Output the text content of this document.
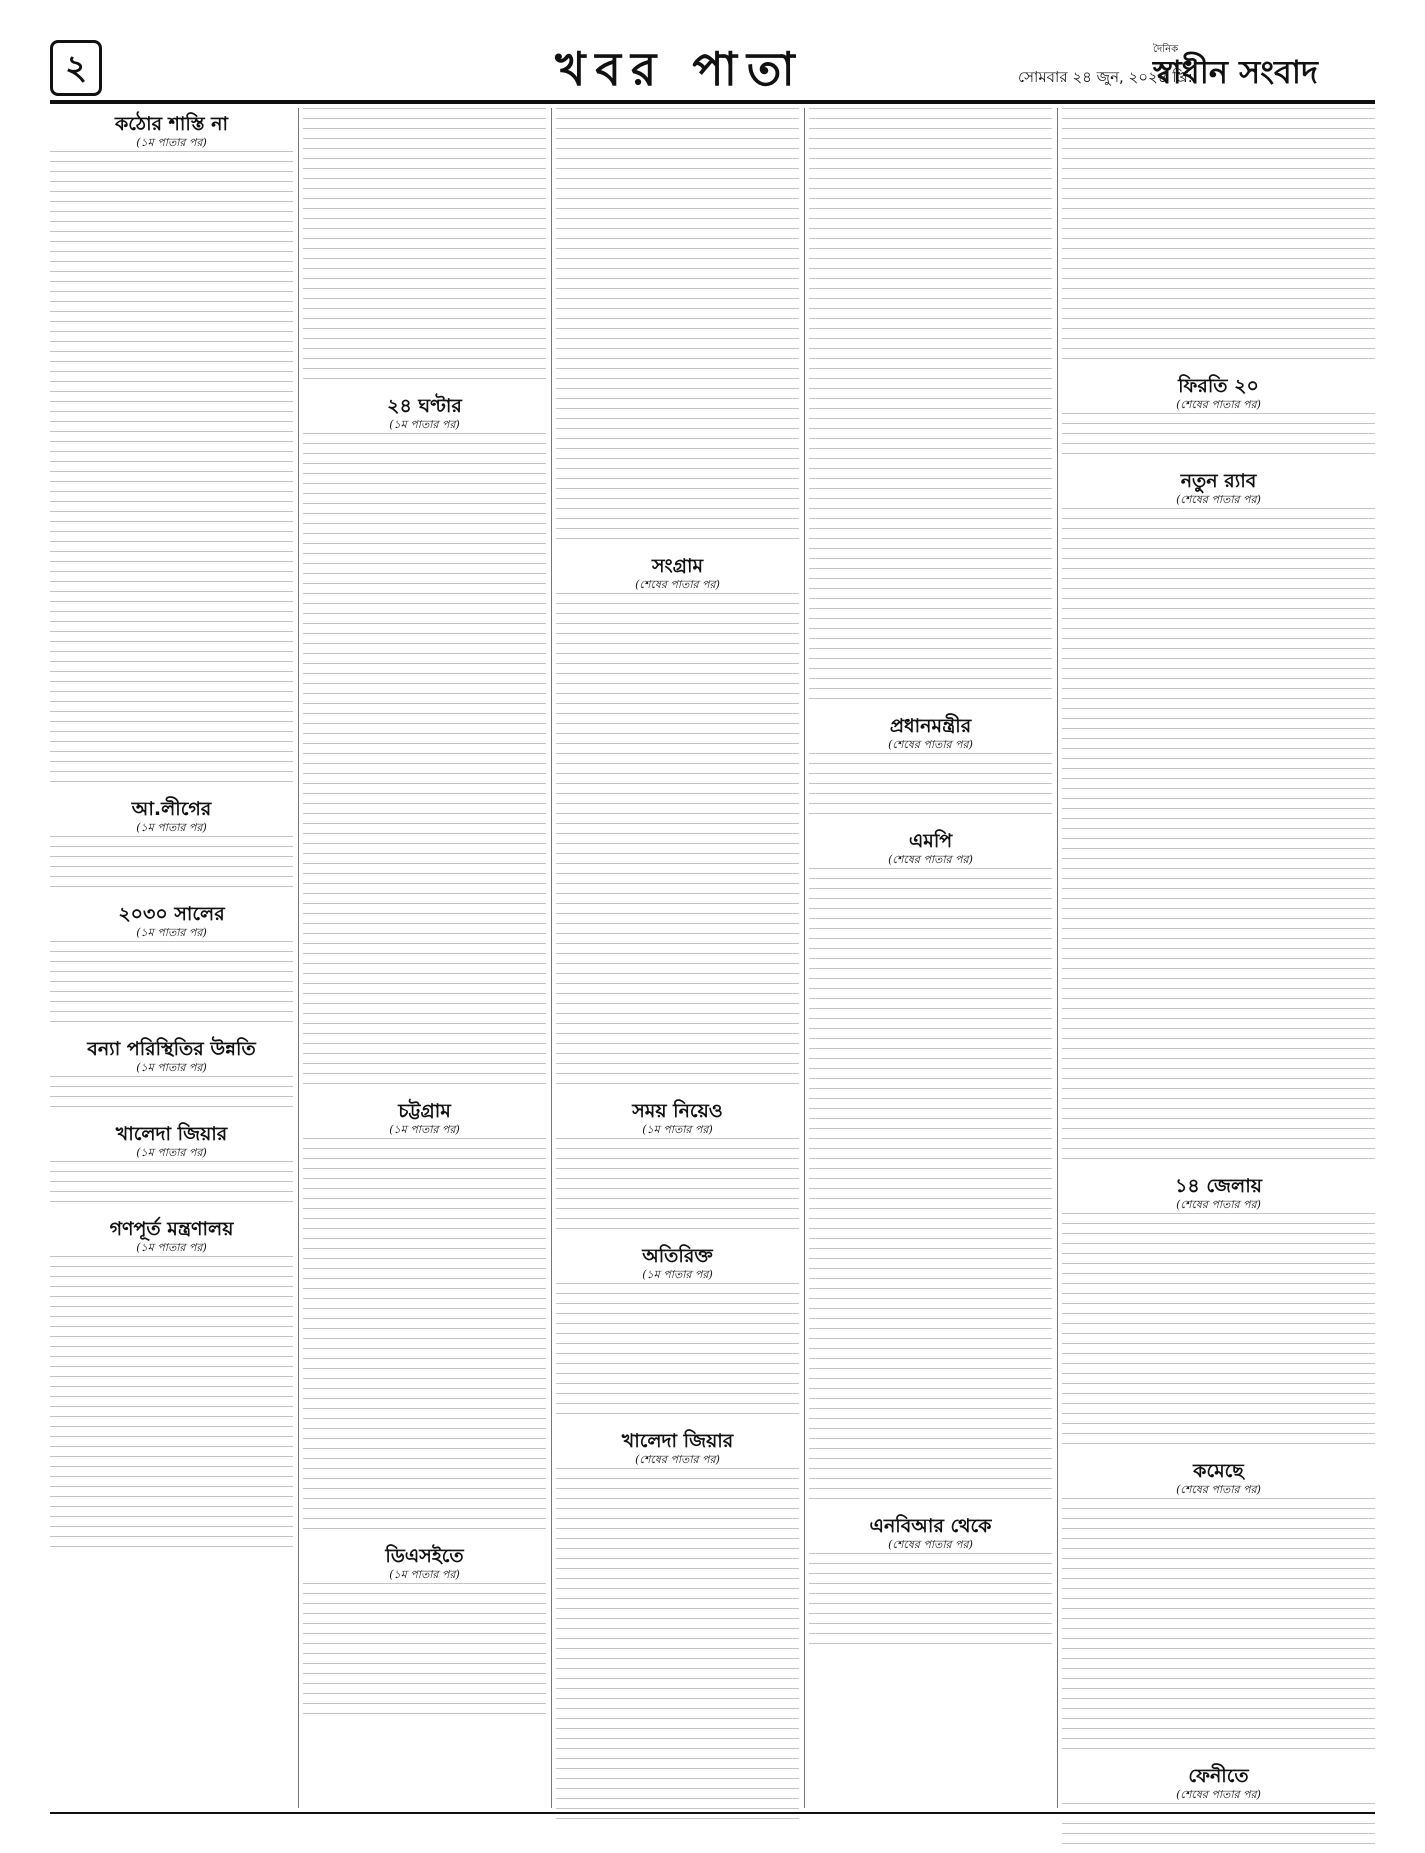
২	খবর পাতা	সোমবার ২৪ জুন, ২০২৪ খ্রি:
দৈনিক
স্বাধীন সংবাদ
কঠোর শাস্তি না
(১ম পাতার পর)
আ.লীগের
(১ম পাতার পর)
২০৩০ সালের
(১ম পাতার পর)
বন্যা পরিস্থিতির উন্নতি
(১ম পাতার পর)
খালেদা জিয়ার
(১ম পাতার পর)
গণপূর্ত মন্ত্রণালয়
(১ম পাতার পর)
২৪ ঘণ্টার
(১ম পাতার পর)
চট্টগ্রাম
(১ম পাতার পর)
ডিএসইতে
(১ম পাতার পর)
সংগ্রাম
(শেষের পাতার পর)
সময় নিয়েও
(১ম পাতার পর)
অতিরিক্ত
(১ম পাতার পর)
খালেদা জিয়ার
(শেষের পাতার পর)
প্রধানমন্ত্রীর
(শেষের পাতার পর)
এমপি
(শেষের পাতার পর)
এনবিআর থেকে
(শেষের পাতার পর)
ফিরতি ২০
(শেষের পাতার পর)
নতুন র‌্যাব
(শেষের পাতার পর)
১৪ জেলায়
(শেষের পাতার পর)
কমেছে
(শেষের পাতার পর)
ফেনীতে
(শেষের পাতার পর)
